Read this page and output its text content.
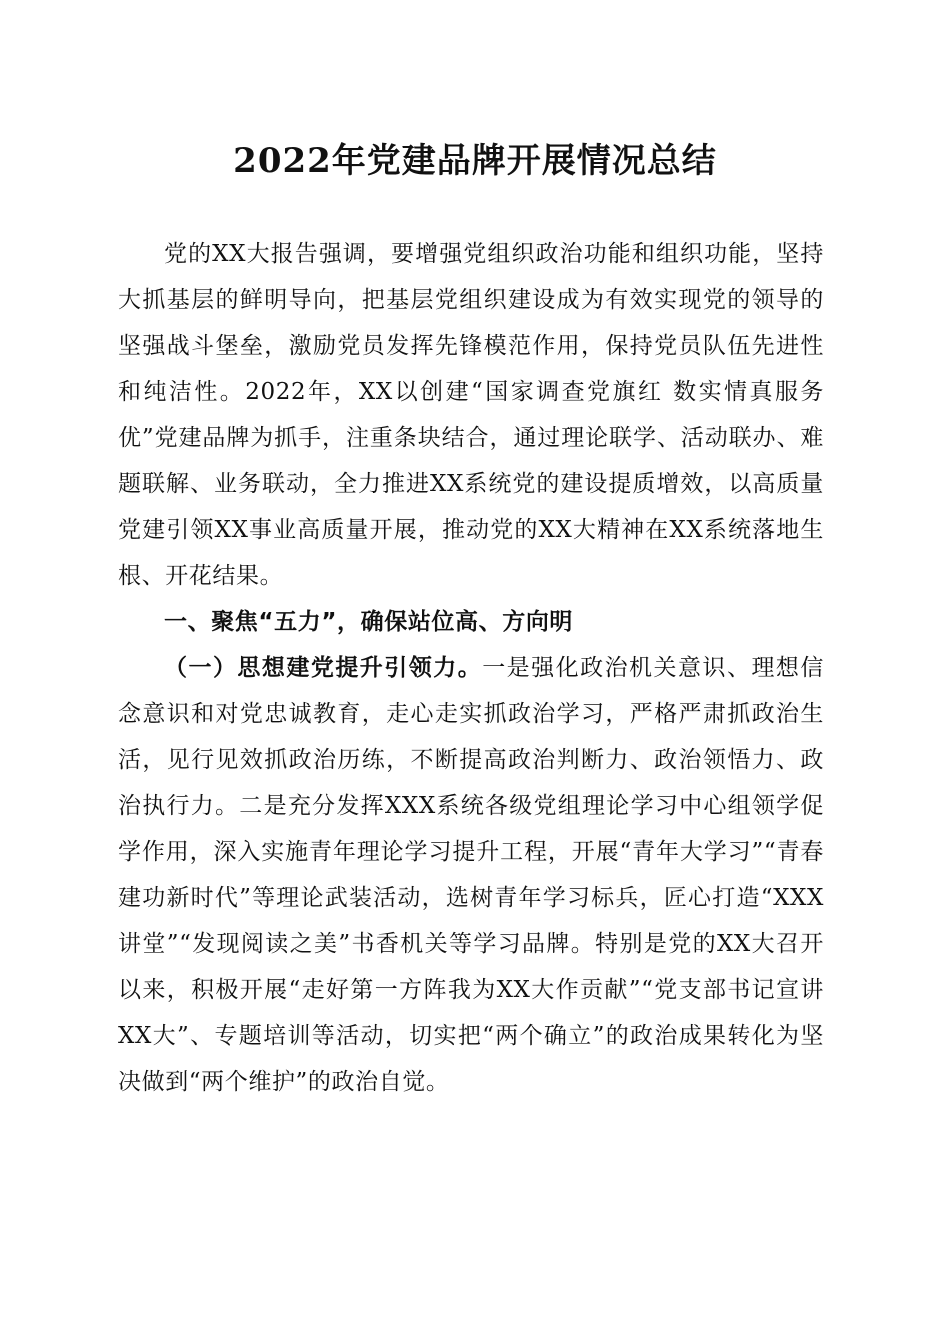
2022年党建品牌开展情况总结

党的XX大报告强调，要增强党组织政治功能和组织功能，坚持大抓基层的鲜明导向，把基层党组织建设成为有效实现党的领导的坚强战斗堡垒，激励党员发挥先锋模范作用，保持党员队伍先进性和纯洁性。2022年，XX以创建“国家调查党旗红 数实情真服务优”党建品牌为抓手，注重条块结合，通过理论联学、活动联办、难题联解、业务联动，全力推进XX系统党的建设提质增效，以高质量党建引领XX事业高质量开展，推动党的XX大精神在XX系统落地生根、开花结果。

一、聚焦“五力”，确保站位高、方向明

（一）思想建党提升引领力。一是强化政治机关意识、理想信念意识和对党忠诚教育，走心走实抓政治学习，严格严肃抓政治生活，见行见效抓政治历练，不断提高政治判断力、政治领悟力、政治执行力。二是充分发挥XXX系统各级党组理论学习中心组领学促学作用，深入实施青年理论学习提升工程，开展“青年大学习”“青春建功新时代”等理论武装活动，选树青年学习标兵，匠心打造“XXX讲堂”“发现阅读之美”书香机关等学习品牌。特别是党的XX大召开以来，积极开展“走好第一方阵我为XX大作贡献”“党支部书记宣讲XX大”、专题培训等活动，切实把“两个确立”的政治成果转化为坚决做到“两个维护”的政治自觉。
